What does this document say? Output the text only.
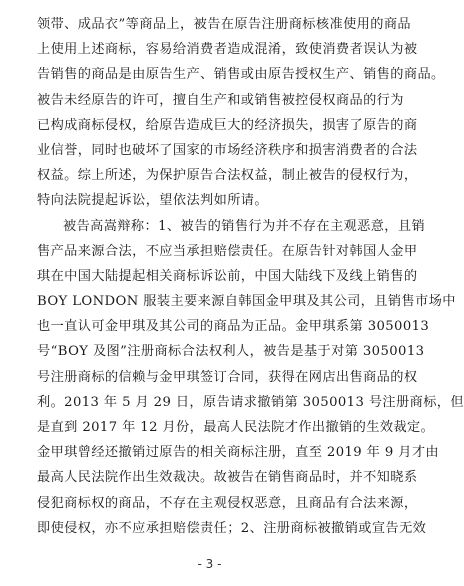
领带、成品衣”等商品上，被告在原告注册商标核准使用的商品
上使用上述商标，容易给消费者造成混淆，致使消费者误认为被
告销售的商品是由原告生产、销售或由原告授权生产、销售的商品。
被告未经原告的许可，擅自生产和或销售被控侵权商品的行为
已构成商标侵权，给原告造成巨大的经济损失，损害了原告的商
业信誉，同时也破坏了国家的市场经济秩序和损害消费者的合法
权益。综上所述，为保护原告合法权益，制止被告的侵权行为，
特向法院提起诉讼，望依法判如所请。
被告高嵩辩称：1、被告的销售行为并不存在主观恶意，且销
售产品来源合法，不应当承担赔偿责任。在原告针对韩国人金甲
琪在中国大陆提起相关商标诉讼前，中国大陆线下及线上销售的
BOY LONDON 服装主要来源自韩国金甲琪及其公司，且销售市场中
也一直认可金甲琪及其公司的商品为正品。金甲琪系第 3050013
号“BOY 及图”注册商标合法权利人，被告是基于对第 3050013
号注册商标的信赖与金甲琪签订合同，获得在网店出售商品的权
利。2013 年 5 月 29 日，原告请求撤销第 3050013 号注册商标，但
是直到 2017 年 12 月份，最高人民法院才作出撤销的生效裁定。
金甲琪曾经还撤销过原告的相关商标注册，直至 2019 年 9 月才由
最高人民法院作出生效裁决。故被告在销售商品时，并不知晓系
侵犯商标权的商品，不存在主观侵权恶意，且商品有合法来源，
即使侵权，亦不应承担赔偿责任；2、注册商标被撤销或宣告无效
- 3 -
